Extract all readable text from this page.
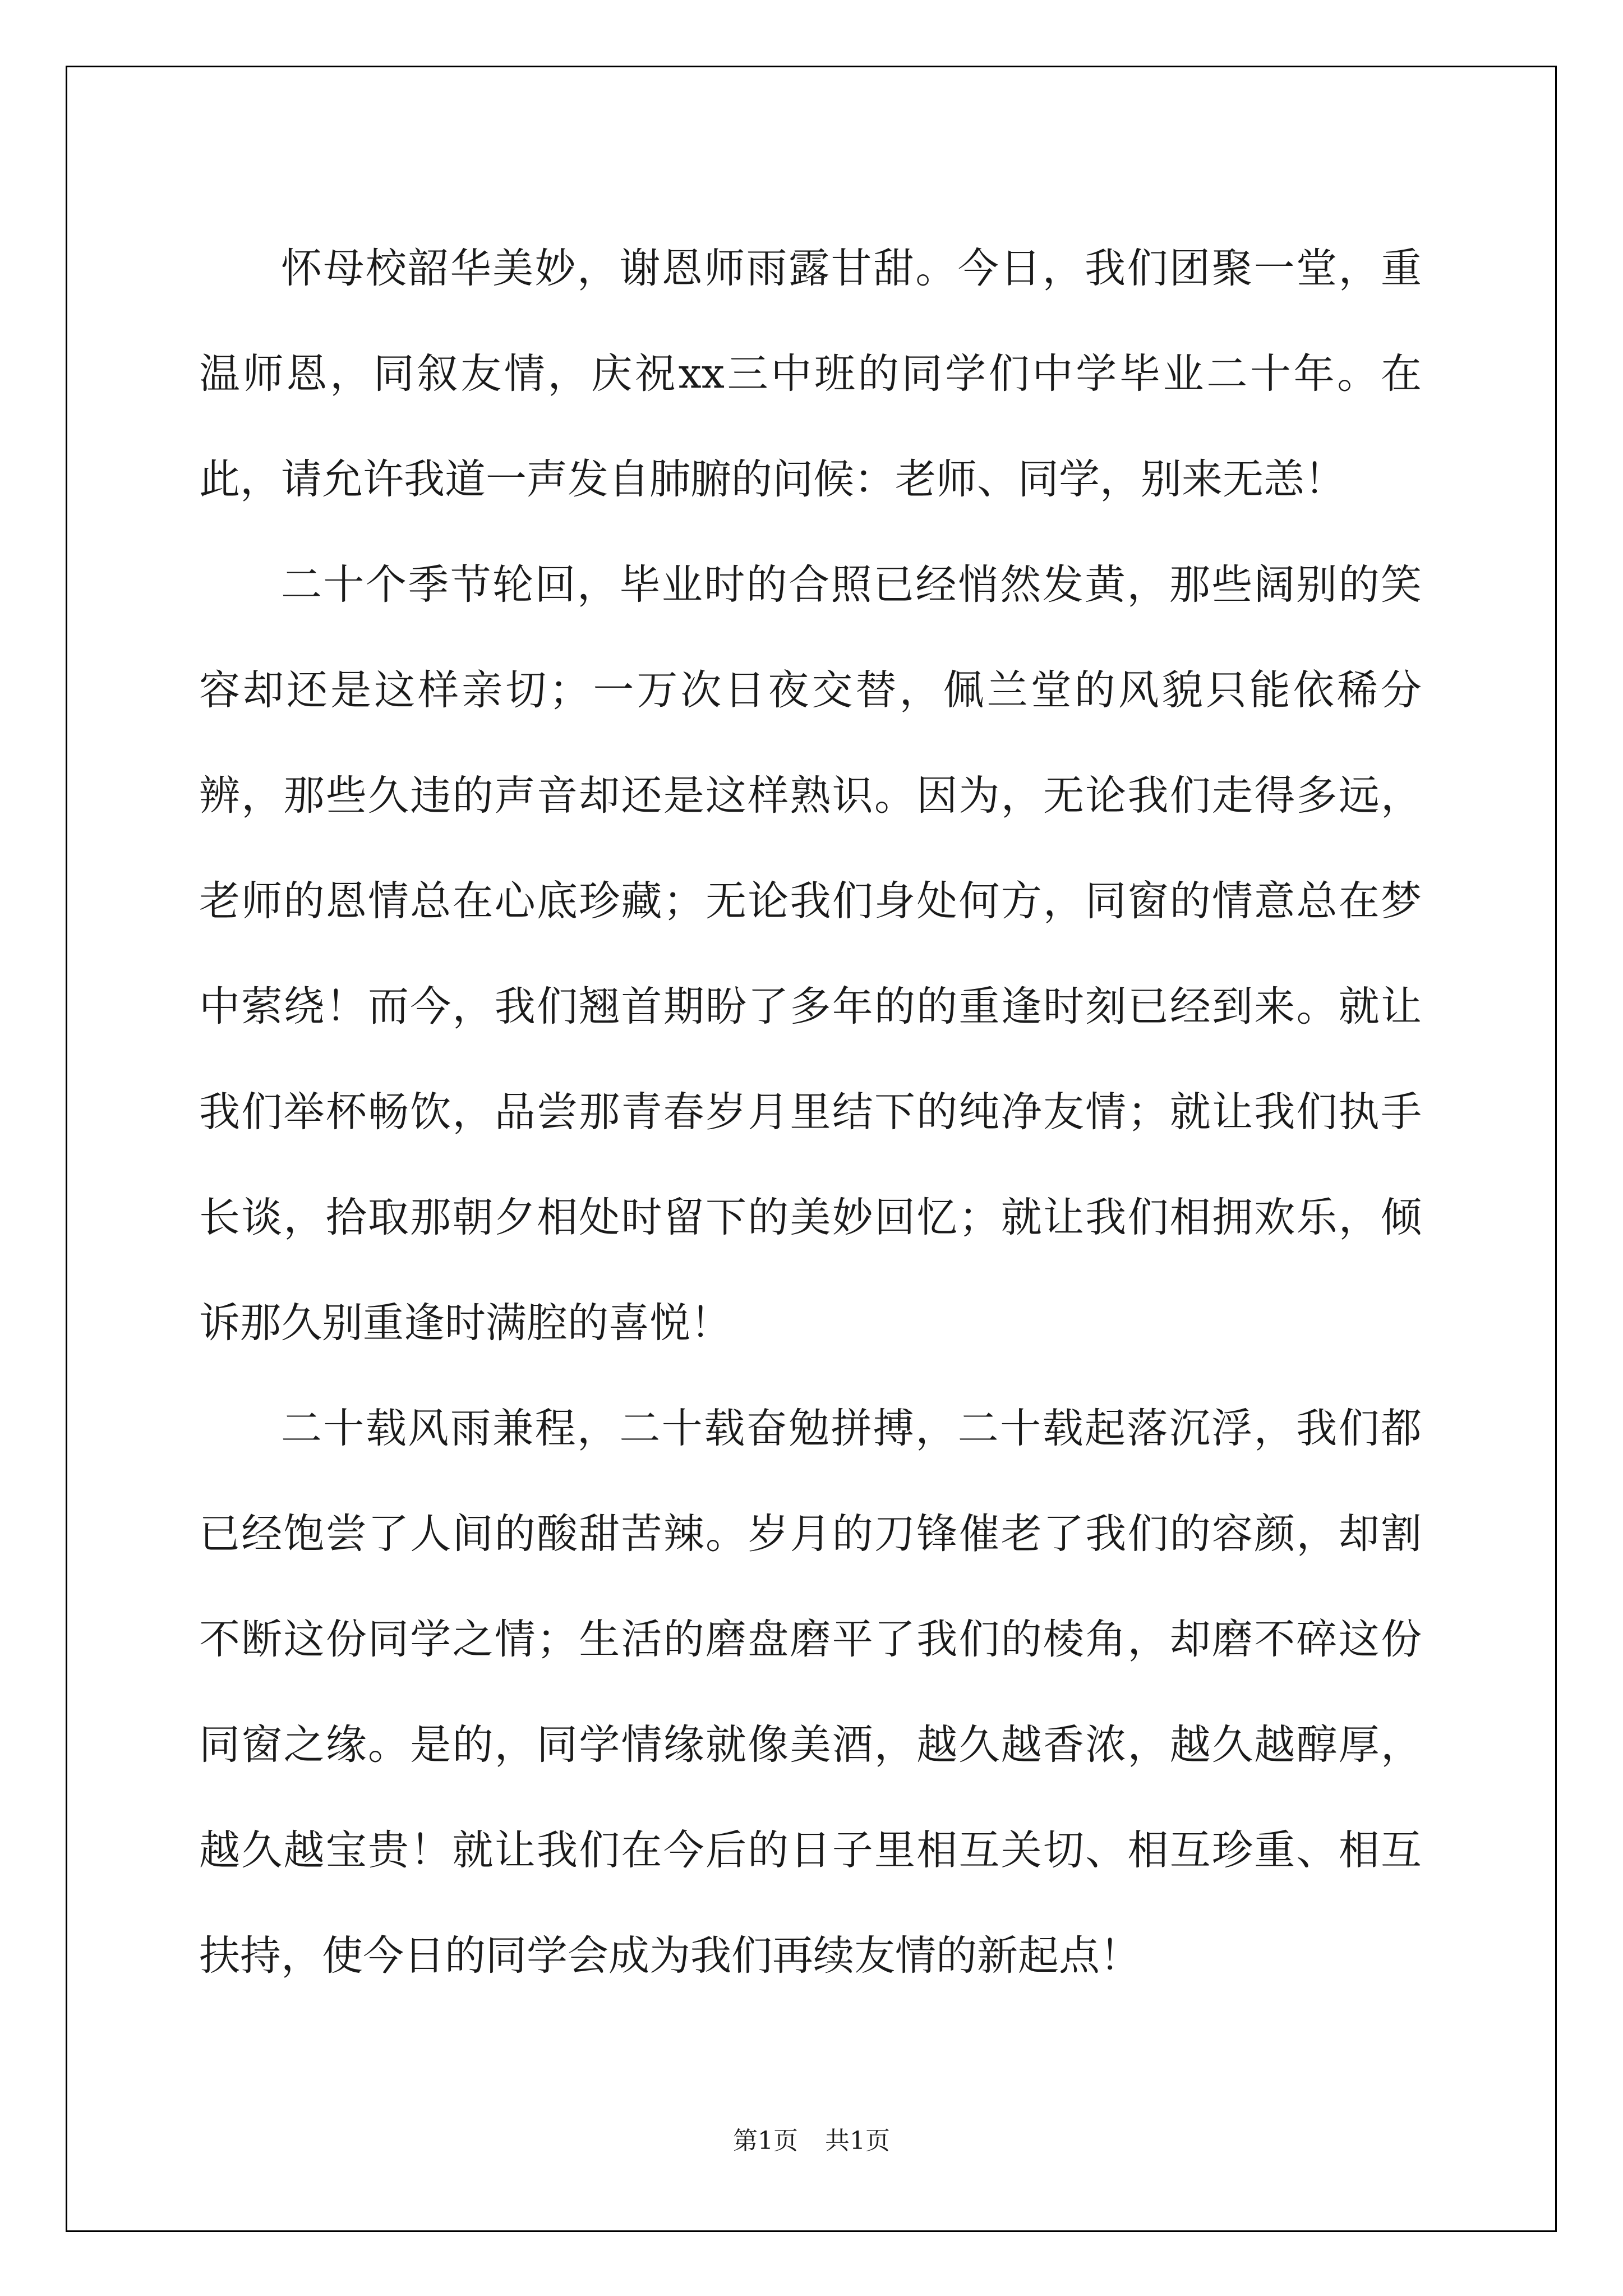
怀母校韶华美妙，谢恩师雨露甘甜。今日，我们团聚一堂，重温师恩，同叙友情，庆祝xx三中班的同学们中学毕业二十年。在此，请允许我道一声发自肺腑的问候：老师、同学，别来无恙！

二十个季节轮回，毕业时的合照已经悄然发黄，那些阔别的笑容却还是这样亲切；一万次日夜交替，佩兰堂的风貌只能依稀分辨，那些久违的声音却还是这样熟识。因为，无论我们走得多远，老师的恩情总在心底珍藏；无论我们身处何方，同窗的情意总在梦中萦绕！而今，我们翘首期盼了多年的的重逢时刻已经到来。就让我们举杯畅饮，品尝那青春岁月里结下的纯净友情；就让我们执手长谈，拾取那朝夕相处时留下的美妙回忆；就让我们相拥欢乐，倾诉那久别重逢时满腔的喜悦！

二十载风雨兼程，二十载奋勉拼搏，二十载起落沉浮，我们都已经饱尝了人间的酸甜苦辣。岁月的刀锋催老了我们的容颜，却割不断这份同学之情；生活的磨盘磨平了我们的棱角，却磨不碎这份同窗之缘。是的，同学情缘就像美酒，越久越香浓，越久越醇厚，越久越宝贵！就让我们在今后的日子里相互关切、相互珍重、相互扶持，使今日的同学会成为我们再续友情的新起点！

第1页 共1页
